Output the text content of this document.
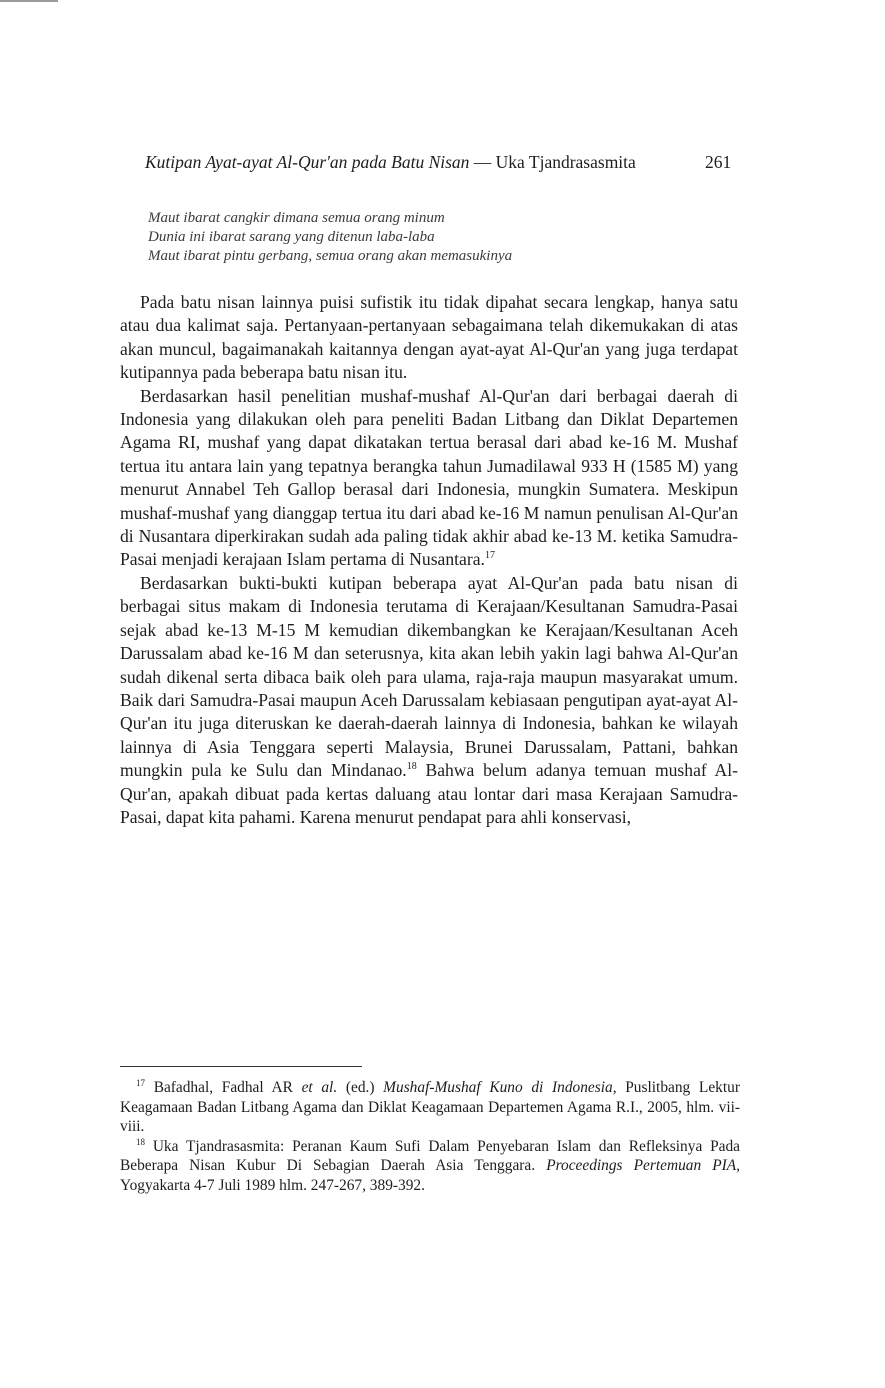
Kutipan Ayat-ayat Al-Qur'an pada Batu Nisan — Uka Tjandrasasmita	261
Maut ibarat cangkir dimana semua orang minum
Dunia ini ibarat sarang yang ditenun laba-laba
Maut ibarat pintu gerbang, semua orang akan memasukinya

Pada batu nisan lainnya puisi sufistik itu tidak dipahat secara lengkap, hanya satu atau dua kalimat saja. Pertanyaan-pertanyaan sebagaimana telah dikemukakan di atas akan muncul, bagaimanakah kaitannya dengan ayat-ayat Al-Qur'an yang juga terdapat kutipannya pada beberapa batu nisan itu.

Berdasarkan hasil penelitian mushaf-mushaf Al-Qur'an dari berbagai daerah di Indonesia yang dilakukan oleh para peneliti Badan Litbang dan Diklat Departemen Agama RI, mushaf yang dapat dikatakan tertua berasal dari abad ke-16 M. Mushaf tertua itu antara lain yang tepatnya berangka tahun Jumadilawal 933 H (1585 M) yang menurut Annabel Teh Gallop berasal dari Indonesia, mungkin Sumatera. Meskipun mushaf-mushaf yang dianggap tertua itu dari abad ke-16 M namun penulisan Al-Qur'an di Nusantara diperkirakan sudah ada paling tidak akhir abad ke-13 M. ketika Samudra-Pasai menjadi kerajaan Islam pertama di Nusantara.$^{17}$

Berdasarkan bukti-bukti kutipan beberapa ayat Al-Qur'an pada batu nisan di berbagai situs makam di Indonesia terutama di Kerajaan/Kesultanan Samudra-Pasai sejak abad ke-13 M-15 M kemudian dikembangkan ke Kerajaan/Kesultanan Aceh Darussalam abad ke-16 M dan seterusnya, kita akan lebih yakin lagi bahwa Al-Qur'an sudah dikenal serta dibaca baik oleh para ulama, raja-raja maupun masyarakat umum. Baik dari Samudra-Pasai maupun Aceh Darussalam kebiasaan pengutipan ayat-ayat Al-Qur'an itu juga diteruskan ke daerah-daerah lainnya di Indonesia, bahkan ke wilayah lainnya di Asia Tenggara seperti Malaysia, Brunei Darussalam, Pattani, bahkan mungkin pula ke Sulu dan Mindanao.$^{18}$ Bahwa belum adanya temuan mushaf Al-Qur'an, apakah dibuat pada kertas daluang atau lontar dari masa Kerajaan Samudra-Pasai, dapat kita pahami. Karena menurut pendapat para ahli konservasi,

$^{17}$ Bafadhal, Fadhal AR et al. (ed.) Mushaf-Mushaf Kuno di Indonesia, Puslitbang Lektur Keagamaan Badan Litbang Agama dan Diklat Keagamaan Departemen Agama R.I., 2005, hlm. vii-viii.

$^{18}$ Uka Tjandrasasmita: Peranan Kaum Sufi Dalam Penyebaran Islam dan Refleksinya Pada Beberapa Nisan Kubur Di Sebagian Daerah Asia Tenggara. Proceedings Pertemuan PIA, Yogyakarta 4-7 Juli 1989 hlm. 247-267, 389-392.
